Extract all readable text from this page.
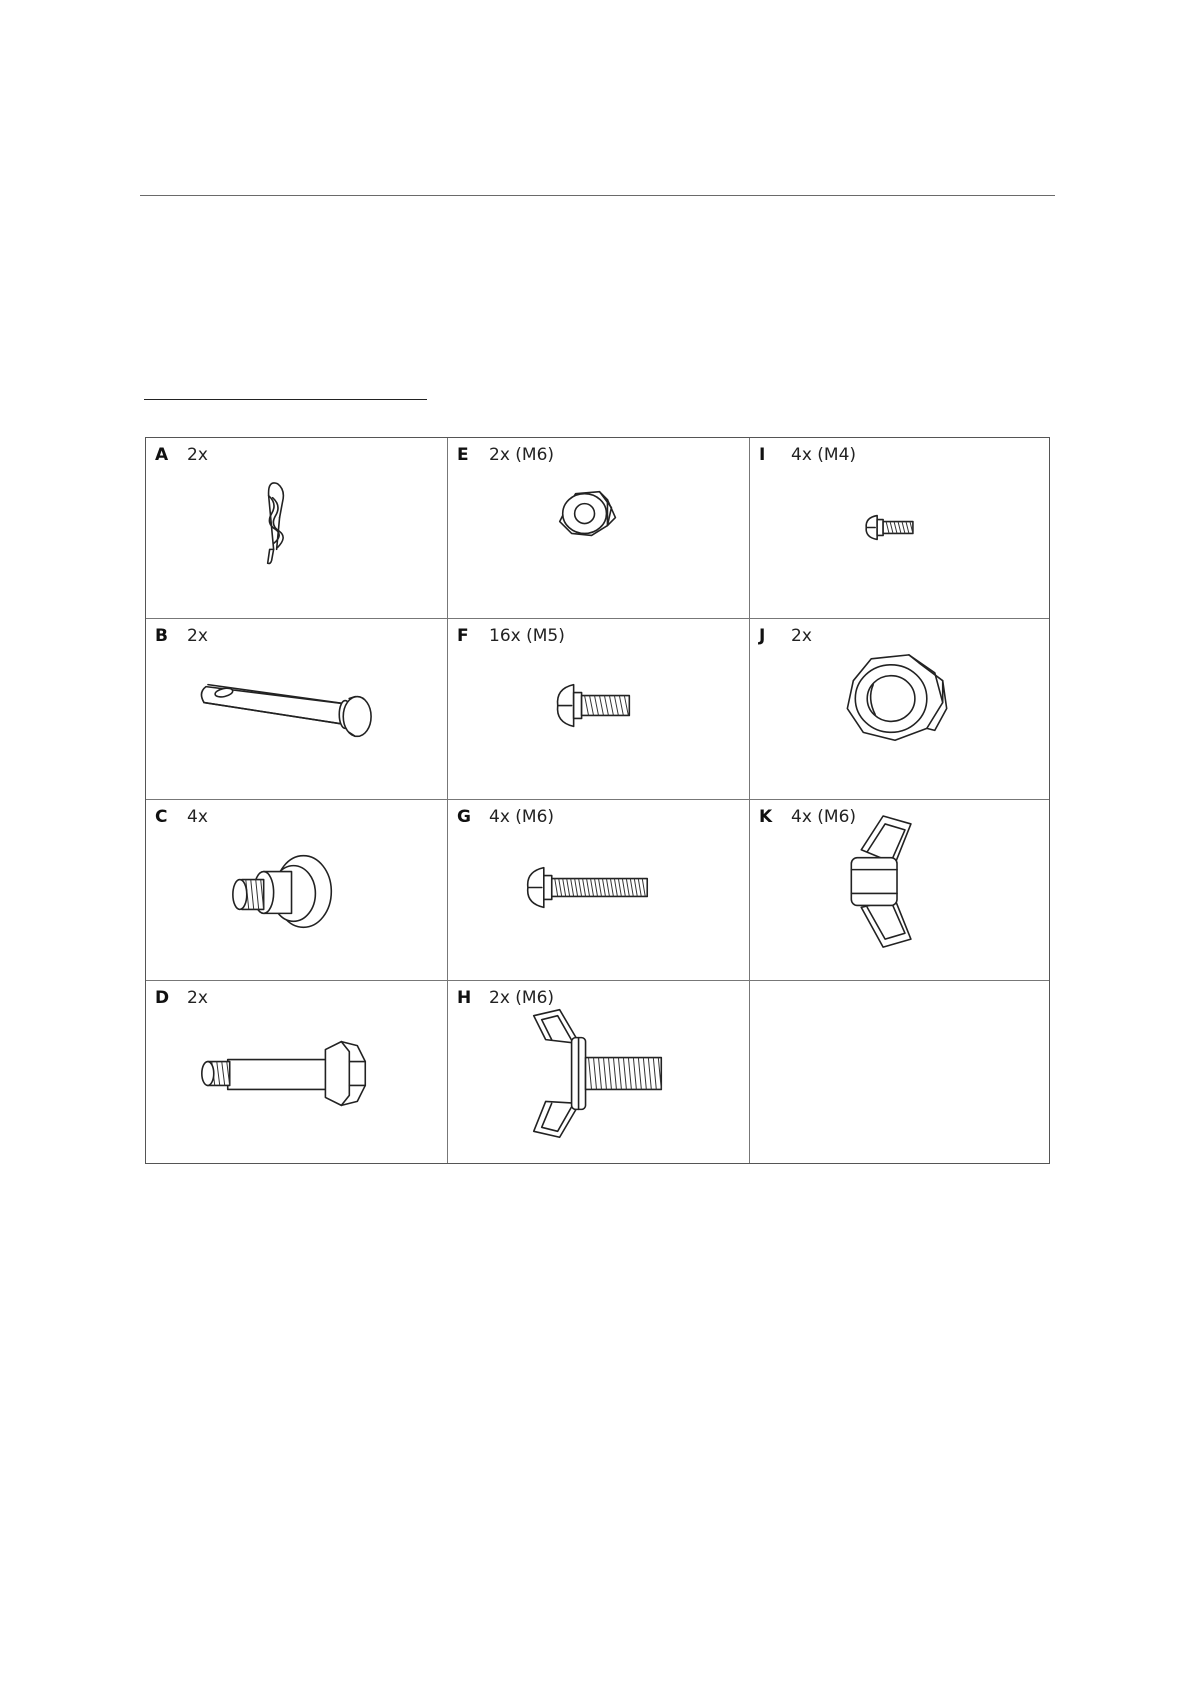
A 2x	E 2x (M6)	I 4x (M4)
B 2x	F 16x (M5)	J 2x
C 4x	G 4x (M6)	K 4x (M6)
D 2x	H 2x (M6)
